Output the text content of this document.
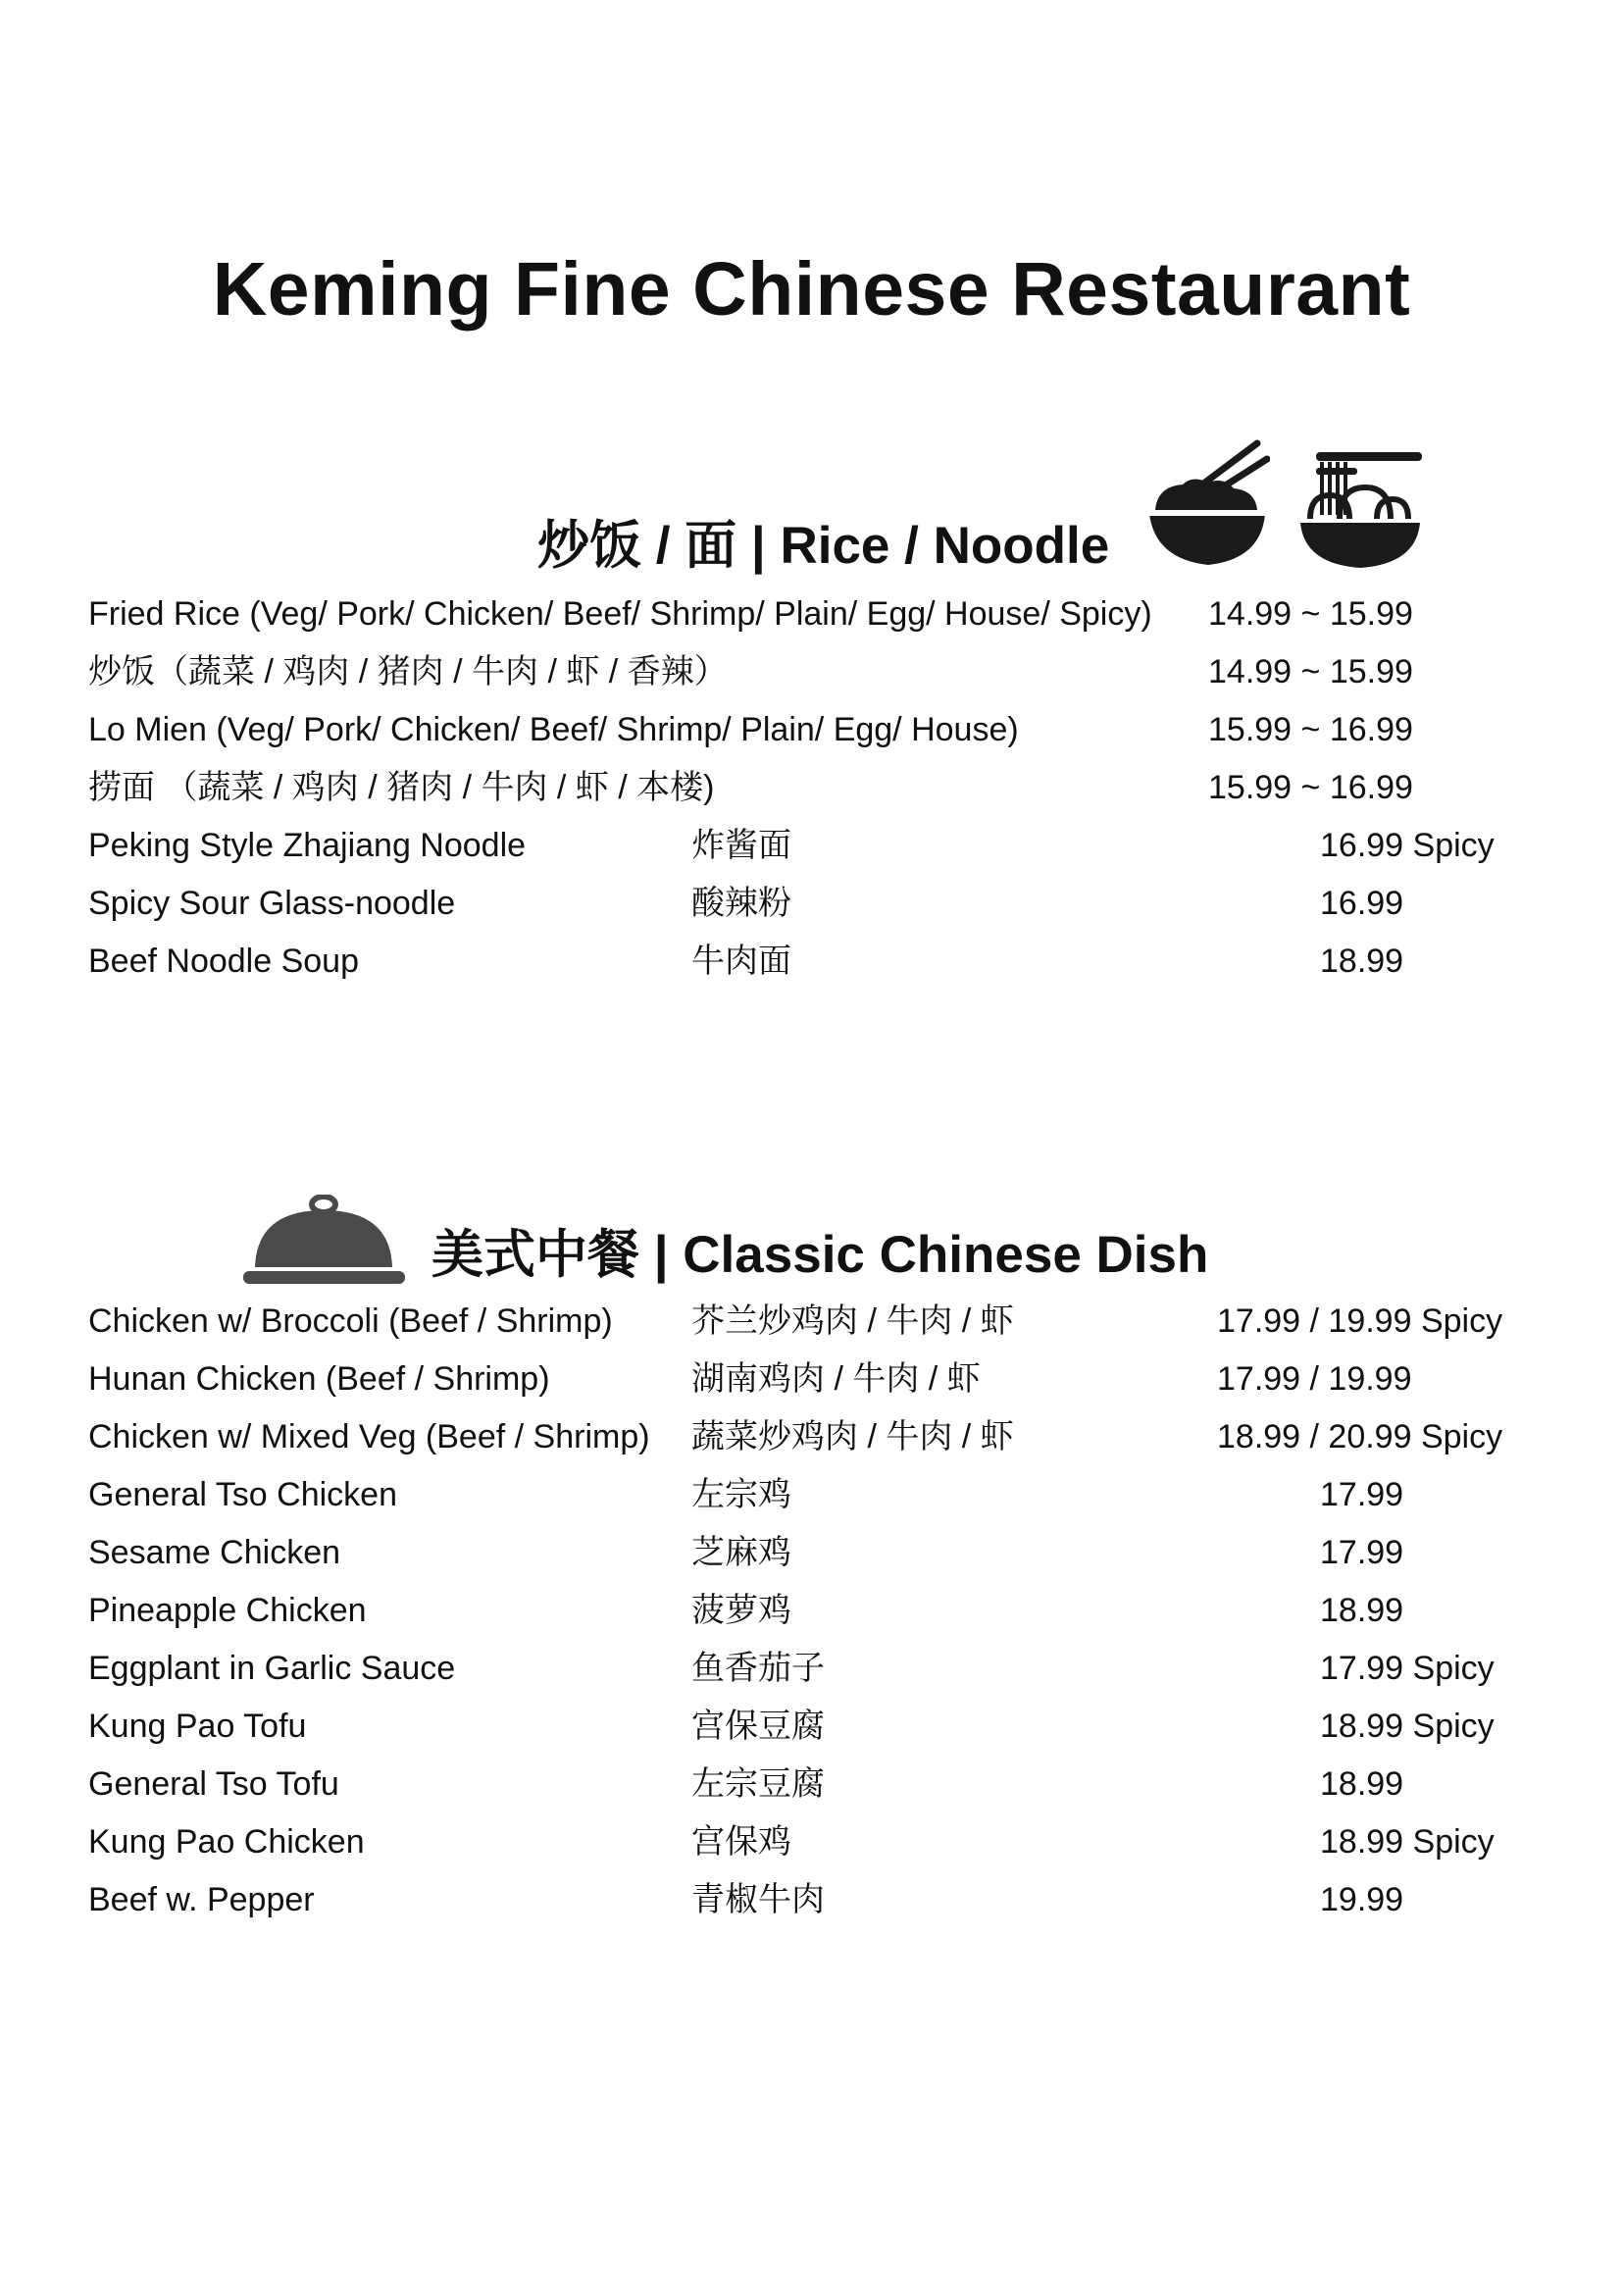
Keming Fine Chinese Restaurant
炒饭 / 面 | Rice / Noodle
Fried Rice (Veg/ Pork/ Chicken/ Beef/ Shrimp/ Plain/ Egg/ House/ Spicy) 14.99 ~ 15.99
炒饭（蔬菜 / 鸡肉 / 猪肉 / 牛肉 / 虾 / 香辣）	14.99 ~ 15.99
Lo Mien (Veg/ Pork/ Chicken/ Beef/ Shrimp/ Plain/ Egg/ House)	15.99 ~ 16.99
捞面 （蔬菜 / 鸡肉 / 猪肉 / 牛肉 / 虾 / 本楼)	15.99 ~ 16.99
Peking Style Zhajiang Noodle	炸酱面	16.99 Spicy
Spicy Sour Glass-noodle	酸辣粉	16.99
Beef Noodle Soup	牛肉面	18.99
美式中餐 | Classic Chinese Dish
Chicken w/ Broccoli (Beef / Shrimp) 芥兰炒鸡肉 / 牛肉 / 虾	17.99 / 19.99 Spicy
Hunan Chicken (Beef / Shrimp)	湖南鸡肉 / 牛肉 / 虾	17.99 / 19.99
Chicken w/ Mixed Veg (Beef / Shrimp) 蔬菜炒鸡肉 / 牛肉 / 虾	18.99 / 20.99 Spicy
General Tso Chicken	左宗鸡	17.99
Sesame Chicken	芝麻鸡	17.99
Pineapple Chicken	菠萝鸡	18.99
Eggplant in Garlic Sauce	鱼香茄子	17.99 Spicy
Kung Pao Tofu	宫保豆腐	18.99 Spicy
General Tso Tofu	左宗豆腐	18.99
Kung Pao Chicken	宫保鸡	18.99 Spicy
Beef w. Pepper	青椒牛肉	19.99
